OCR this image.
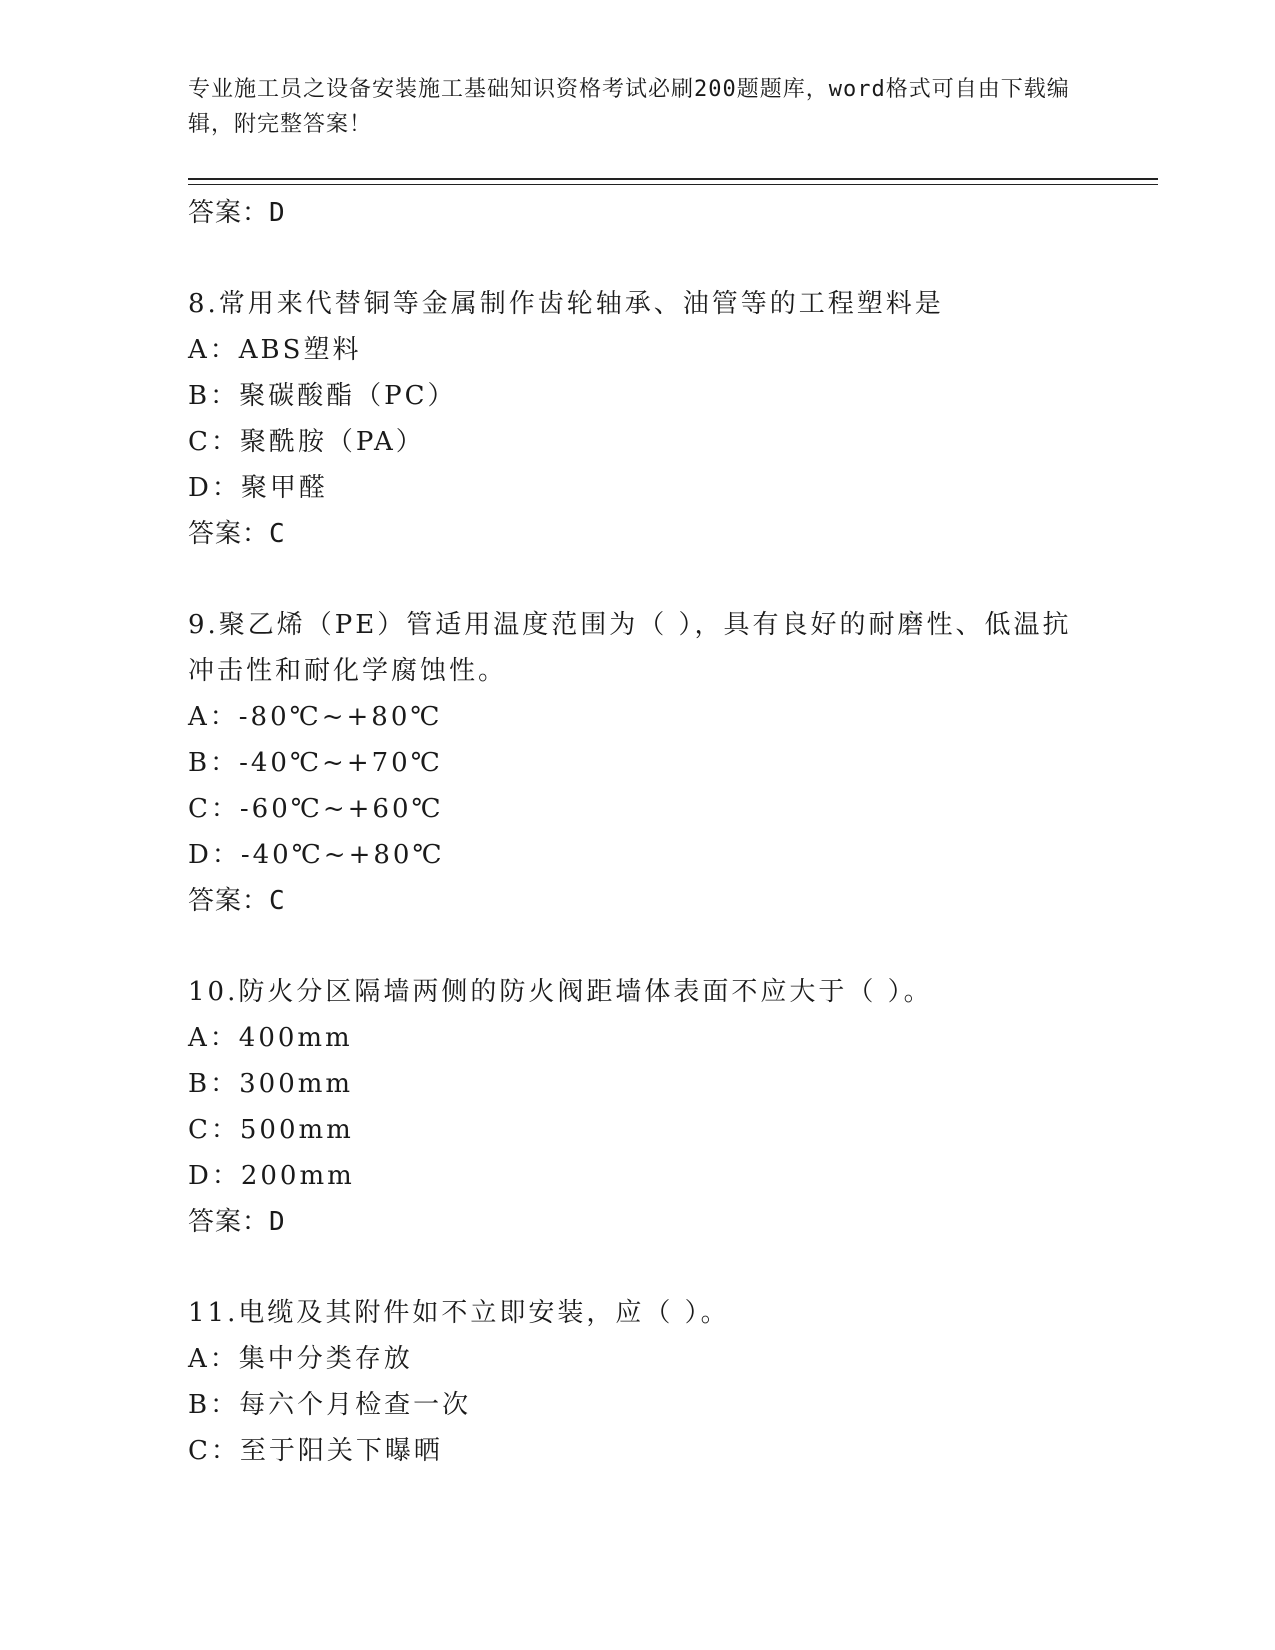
专业施工员之设备安装施工基础知识资格考试必刷200题题库，word格式可自由下载编辑，附完整答案！
答案：D
8.常用来代替铜等金属制作齿轮轴承、油管等的工程塑料是
A：ABS塑料
B：聚碳酸酯（PC）
C：聚酰胺（PA）
D：聚甲醛
答案：C
9.聚乙烯（PE）管适用温度范围为（ ），具有良好的耐磨性、低温抗冲击性和耐化学腐蚀性。
A：-80℃~+80℃
B：-40℃~+70℃
C：-60℃~+60℃
D：-40℃~+80℃
答案：C
10.防火分区隔墙两侧的防火阀距墙体表面不应大于（ ）。
A：400mm
B：300mm
C：500mm
D：200mm
答案：D
11.电缆及其附件如不立即安装，应（ ）。
A：集中分类存放
B：每六个月检查一次
C：至于阳关下曝晒
